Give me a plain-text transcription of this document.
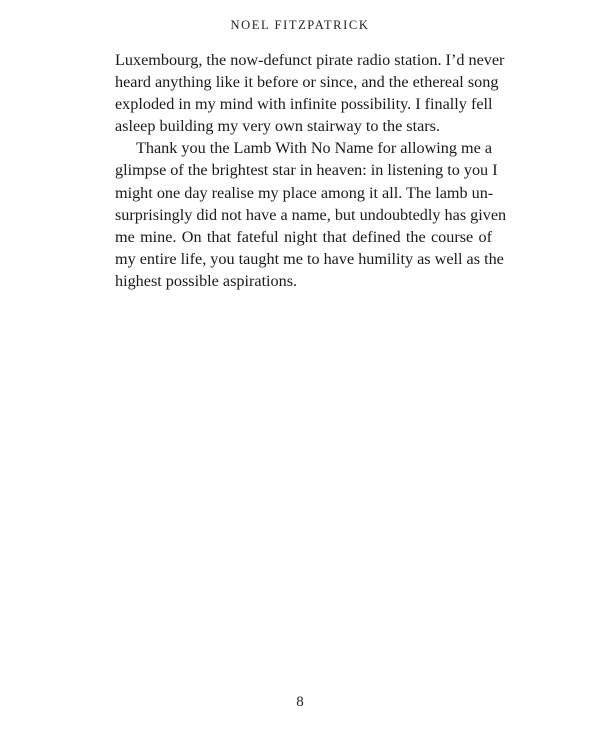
NOEL FITZPATRICK
Luxembourg, the now-defunct pirate radio station. I’d never
heard anything like it before or since, and the ethereal song
exploded in my mind with infinite possibility. I finally fell
asleep building my very own stairway to the stars.
Thank you the Lamb With No Name for allowing me a
glimpse of the brightest star in heaven: in listening to you I
might one day realise my place among it all. The lamb un-
surprisingly did not have a name, but undoubtedly has given
me mine. On that fateful night that defined the course of
my entire life, you taught me to have humility as well as the
highest possible aspirations.
8
